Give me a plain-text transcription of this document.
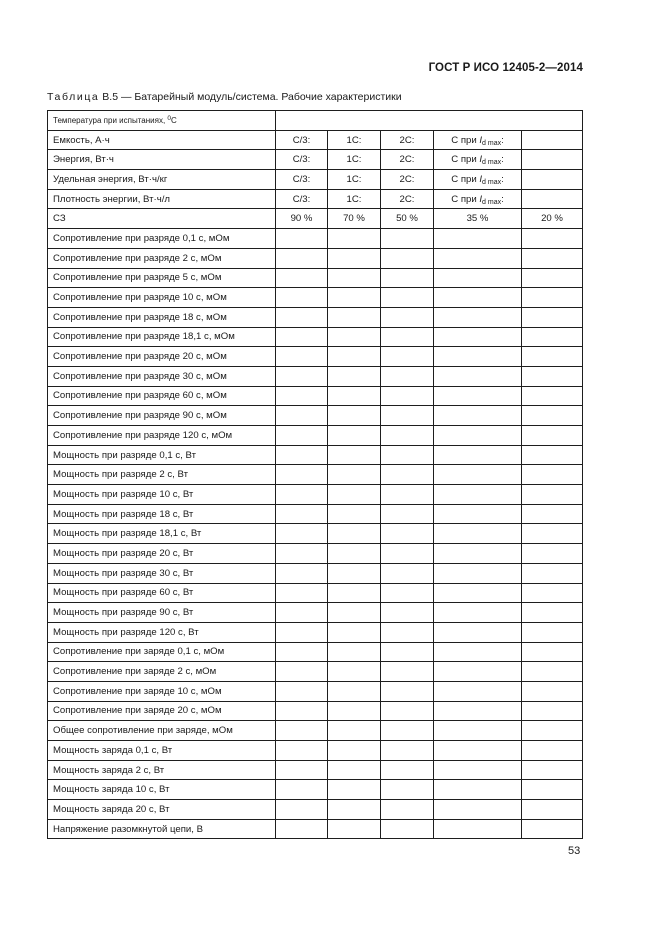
ГОСТ Р ИСО 12405-2—2014
Таблица В.5 — Батарейный модуль/система. Рабочие характеристики
Температура при испытаниях, $^0$C					
Емкость, А·ч	С/3:	1С:	2С:	С при $I_{d max}$:	
Энергия, Вт·ч	С/3:	1С:	2С:	С при $I_{d max}$:	
Удельная энергия, Вт·ч/кг	С/3:	1С:	2С:	С при $I_{d max}$:	
Плотность энергии, Вт·ч/л	С/3:	1С:	2С:	С при $I_{d max}$:	
СЗ	90 %	70 %	50 %	35 %	20 %
Сопротивление при разряде 0,1 с, мОм					
Сопротивление при разряде 2 с, мОм					
Сопротивление при разряде 5 с, мОм					
Сопротивление при разряде 10 с, мОм					
Сопротивление при разряде 18 с, мОм					
Сопротивление при разряде 18,1 с, мОм					
Сопротивление при разряде 20 с, мОм					
Сопротивление при разряде 30 с, мОм					
Сопротивление при разряде 60 с, мОм					
Сопротивление при разряде 90 с, мОм					
Сопротивление при разряде 120 с, мОм					
Мощность при разряде 0,1 с, Вт					
Мощность при разряде 2 с, Вт					
Мощность при разряде 10 с, Вт					
Мощность при разряде 18 с, Вт					
Мощность при разряде 18,1 с, Вт					
Мощность при разряде 20 с, Вт					
Мощность при разряде 30 с, Вт					
Мощность при разряде 60 с, Вт					
Мощность при разряде 90 с, Вт					
Мощность при разряде 120 с, Вт					
Сопротивление при заряде 0,1 с, мОм					
Сопротивление при заряде 2 с, мОм					
Сопротивление при заряде 10 с, мОм					
Сопротивление при заряде 20 с, мОм					
Общее сопротивление при заряде, мОм					
Мощность заряда 0,1 с, Вт					
Мощность заряда 2 с, Вт					
Мощность заряда 10 с, Вт					
Мощность заряда 20 с, Вт					
Напряжение разомкнутой цепи, В					
53
